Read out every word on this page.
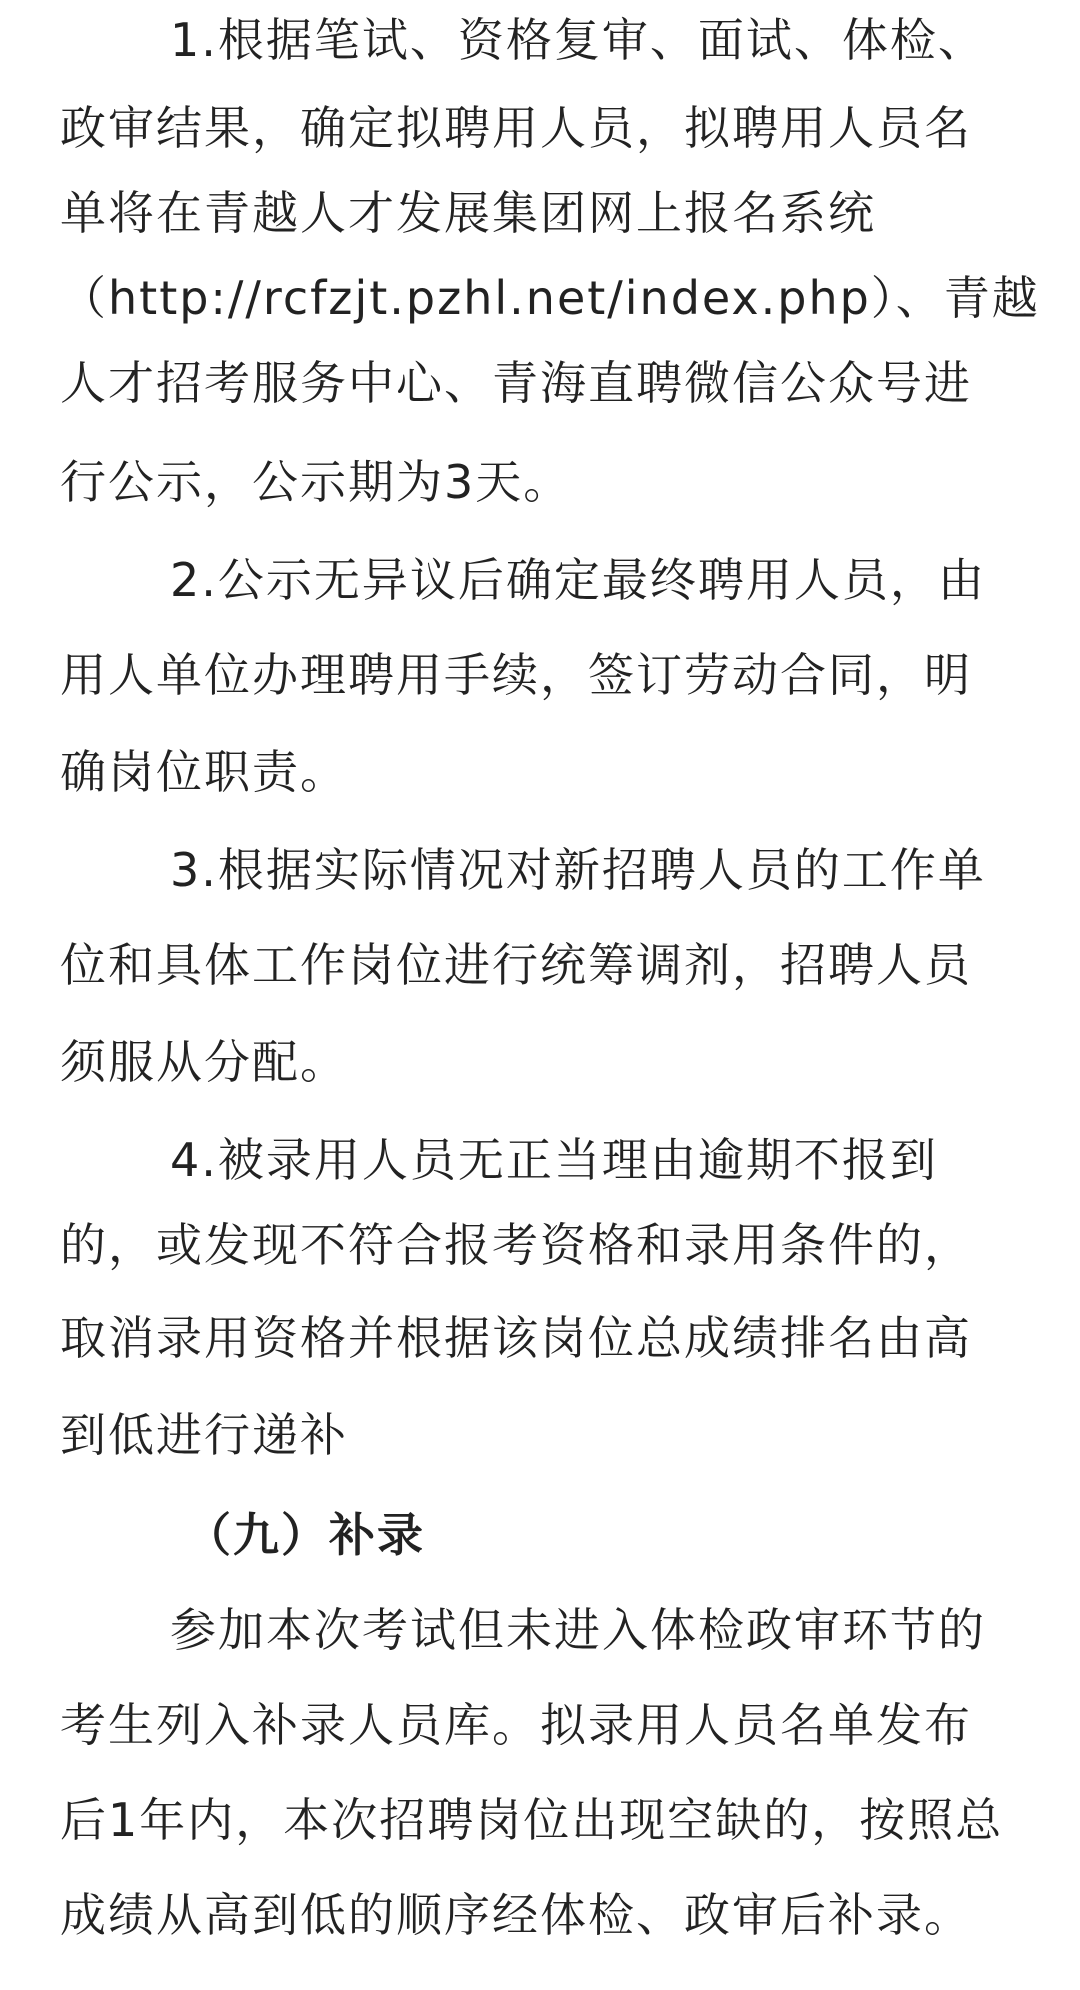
1.根据笔试、资格复审、面试、体检、
政审结果，确定拟聘用人员，拟聘用人员名
单将在青越人才发展集团网上报名系统
（http://rcfzjt.pzhl.net/index.php）、青越
人才招考服务中心、青海直聘微信公众号进
行公示，公示期为3天。
2.公示无异议后确定最终聘用人员，由
用人单位办理聘用手续，签订劳动合同，明
确岗位职责。
3.根据实际情况对新招聘人员的工作单
位和具体工作岗位进行统筹调剂，招聘人员
须服从分配。
4.被录用人员无正当理由逾期不报到
的，或发现不符合报考资格和录用条件的，
取消录用资格并根据该岗位总成绩排名由高
到低进行递补
（九）补录
参加本次考试但未进入体检政审环节的
考生列入补录人员库。拟录用人员名单发布
后1年内，本次招聘岗位出现空缺的，按照总
成绩从高到低的顺序经体检、政审后补录。
